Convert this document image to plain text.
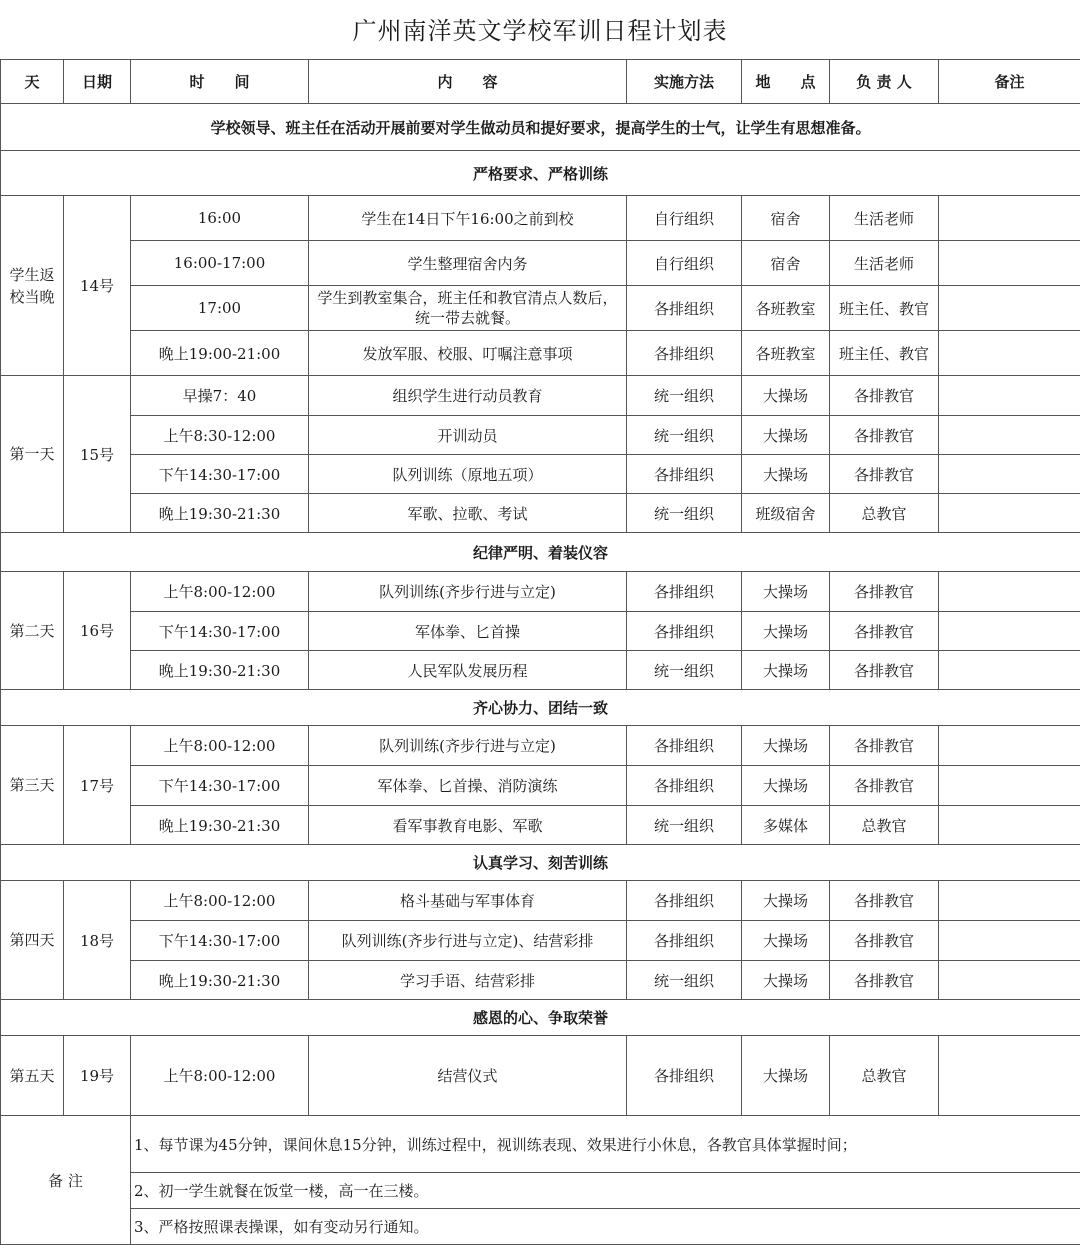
广州南洋英文学校军训日程计划表
天	日期	时　　间	内　　容	实施方法	地　　点	负 责 人	备注
学校领导、班主任在活动开展前要对学生做动员和提好要求，提高学生的士气，让学生有思想准备。							
严格要求、严格训练							
学生返校当晚	14号	16:00	学生在14日下午16:00之前到校	自行组织	宿舍	生活老师	
		16:00-17:00	学生整理宿舍内务	自行组织	宿舍	生活老师	
		17:00	学生到教室集合，班主任和教官清点人数后，统一带去就餐。	各排组织	各班教室	班主任、教官	
		晚上19:00-21:00	发放军服、校服、叮嘱注意事项	各排组织	各班教室	班主任、教官	
第一天	15号	早操7：40	组织学生进行动员教育	统一组织	大操场	各排教官	
		上午8:30-12:00	开训动员	统一组织	大操场	各排教官	
		下午14:30-17:00	队列训练（原地五项）	各排组织	大操场	各排教官	
		晚上19:30-21:30	军歌、拉歌、考试	统一组织	班级宿舍	总教官	
纪律严明、着装仪容							
第二天	16号	上午8:00-12:00	队列训练(齐步行进与立定)	各排组织	大操场	各排教官	
		下午14:30-17:00	军体拳、匕首操	各排组织	大操场	各排教官	
		晚上19:30-21:30	人民军队发展历程	统一组织	大操场	各排教官	
齐心协力、团结一致							
第三天	17号	上午8:00-12:00	队列训练(齐步行进与立定)	各排组织	大操场	各排教官	
		下午14:30-17:00	军体拳、匕首操、消防演练	各排组织	大操场	各排教官	
		晚上19:30-21:30	看军事教育电影、军歌	统一组织	多媒体	总教官	
认真学习、刻苦训练							
第四天	18号	上午8:00-12:00	格斗基础与军事体育	各排组织	大操场	各排教官	
		下午14:30-17:00	队列训练(齐步行进与立定)、结营彩排	各排组织	大操场	各排教官	
		晚上19:30-21:30	学习手语、结营彩排	统一组织	大操场	各排教官	
感恩的心、争取荣誉							
第五天	19号	上午8:00-12:00	结营仪式	各排组织	大操场	总教官	
备 注		1、每节课为45分钟，课间休息15分钟，训练过程中，视训练表现、效果进行小休息，各教官具体掌握时间；					
		2、初一学生就餐在饭堂一楼，高一在三楼。					
		3、严格按照课表操课，如有变动另行通知。					
